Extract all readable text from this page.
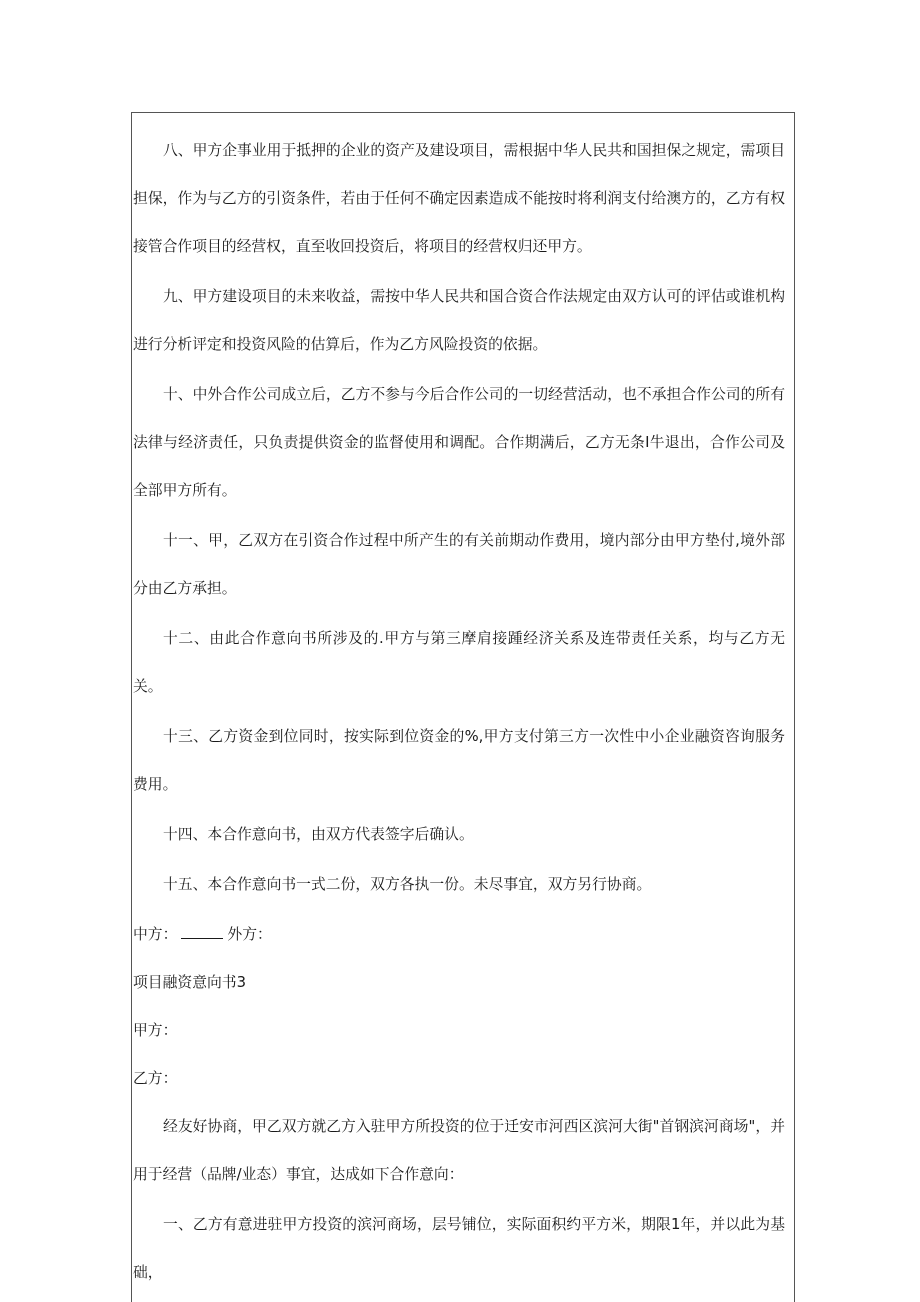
八、甲方企事业用于抵押的企业的资产及建设项目，需根据中华人民共和国担保之规定，需项目担保，作为与乙方的引资条件，若由于任何不确定因素造成不能按时将利润支付给澳方的，乙方有权接管合作项目的经营权，直至收回投资后，将项目的经营权归还甲方。

九、甲方建设项目的未来收益，需按中华人民共和国合资合作法规定由双方认可的评估或谁机构进行分析评定和投资风险的估算后，作为乙方风险投资的依据。

十、中外合作公司成立后，乙方不参与今后合作公司的一切经营活动，也不承担合作公司的所有法律与经济责任，只负责提供资金的监督使用和调配。合作期满后，乙方无条Ⅰ牛退出，合作公司及全部甲方所有。

十一、甲，乙双方在引资合作过程中所产生的有关前期动作费用，境内部分由甲方垫付,境外部分由乙方承担。

十二、由此合作意向书所涉及的.甲方与第三摩肩接踵经济关系及连带责任关系，均与乙方无关。

十三、乙方资金到位同时，按实际到位资金的%,甲方支付第三方一次性中小企业融资咨询服务费用。

十四、本合作意向书，由双方代表签字后确认。

十五、本合作意向书一式二份，双方各执一份。未尽事宜，双方另行协商。

中方：	外方：

项目融资意向书3

甲方：

乙方：

经友好协商，甲乙双方就乙方入驻甲方所投资的位于迁安市河西区滨河大街"首钢滨河商场"，并用于经营（品牌/业态）事宜，达成如下合作意向：

一、乙方有意进驻甲方投资的滨河商场，层号铺位，实际面积约平方米，期限1年，并以此为基础，
